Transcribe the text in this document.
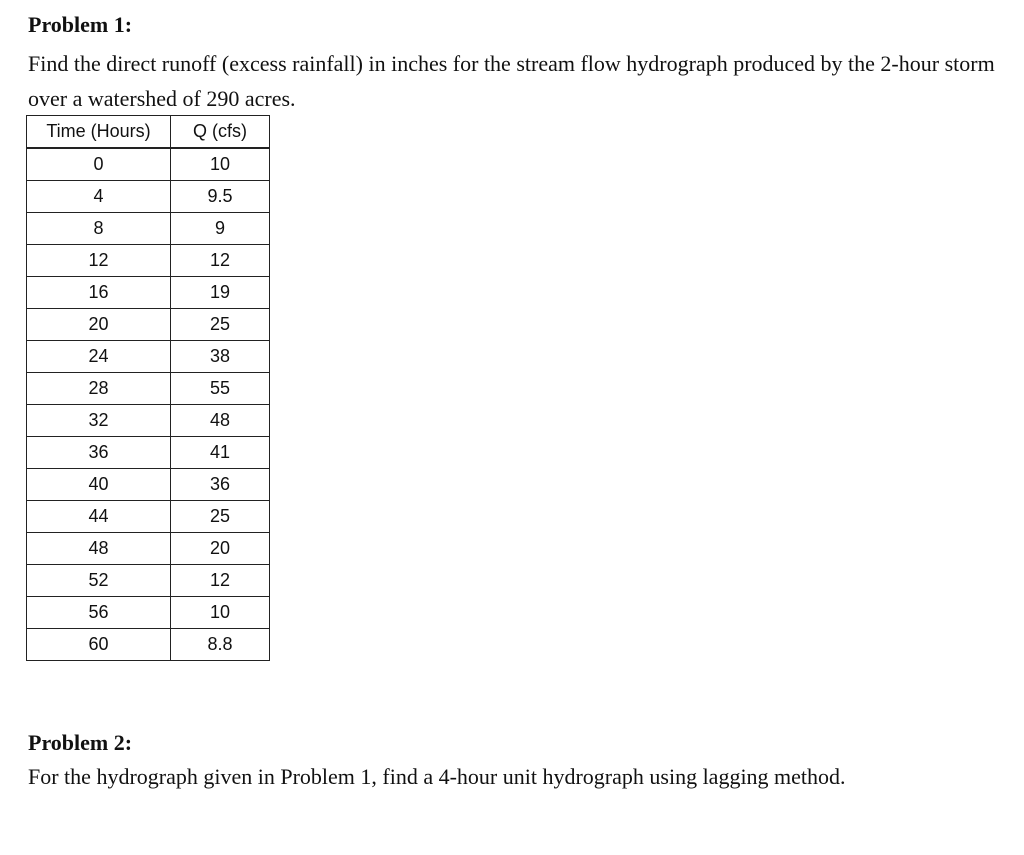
Problem 1:

Find the direct runoff (excess rainfall) in inches for the stream flow hydrograph produced by the 2-hour storm over a watershed of 290 acres.

Time (Hours)	Q (cfs)
0	10
4	9.5
8	9
12	12
16	19
20	25
24	38
28	55
32	48
36	41
40	36
44	25
48	20
52	12
56	10
60	8.8
Problem 2:

For the hydrograph given in Problem 1, find a 4-hour unit hydrograph using lagging method.
